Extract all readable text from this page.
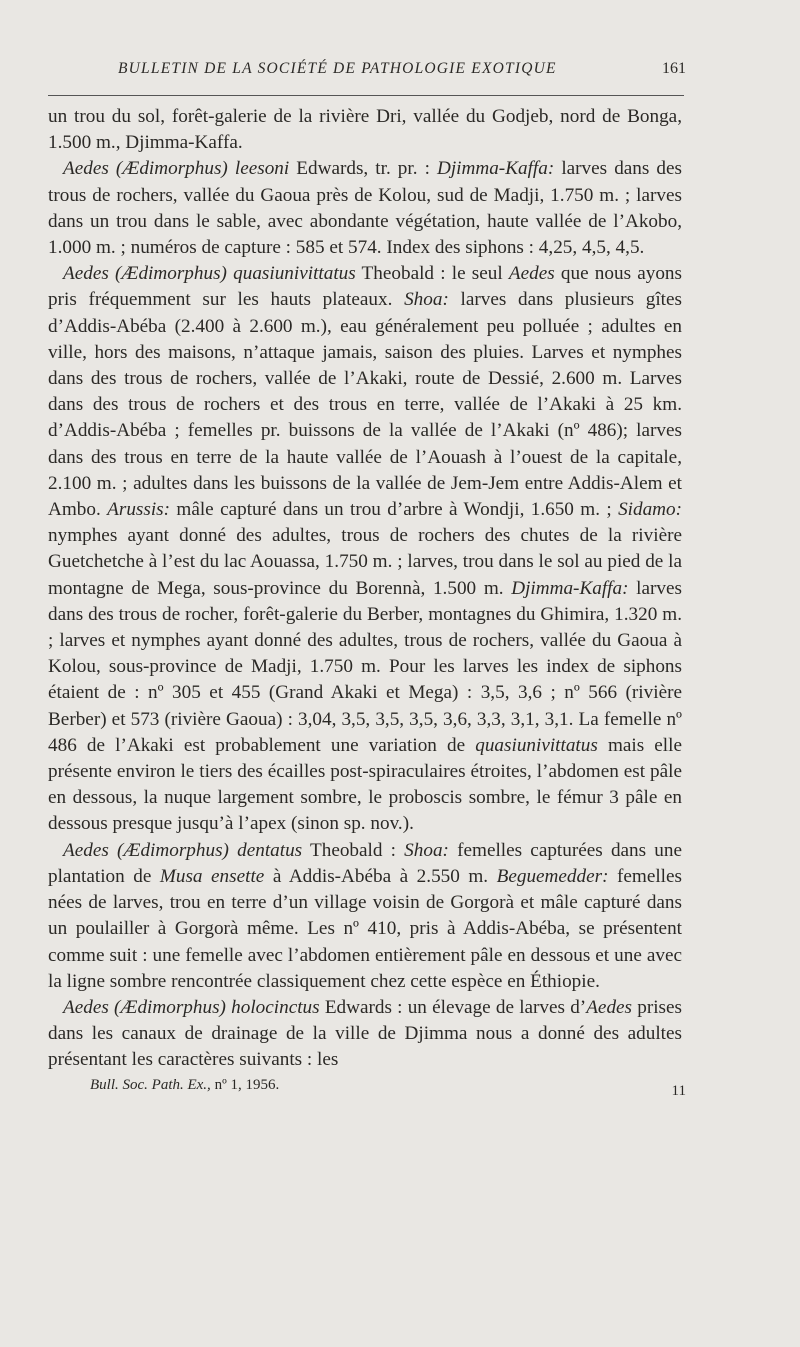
BULLETIN DE LA SOCIÉTÉ DE PATHOLOGIE EXOTIQUE	161

un trou du sol, forêt-galerie de la rivière Dri, vallée du Godjeb, nord de Bonga, 1.500 m., Djimma-Kaffa.

Aedes (Ædimorphus) leesoni Edwards, tr. pr. : Djimma-Kaffa: larves dans des trous de rochers, vallée du Gaoua près de Kolou, sud de Madji, 1.750 m. ; larves dans un trou dans le sable, avec abondante végétation, haute vallée de l’Akobo, 1.000 m. ; numéros de capture : 585 et 574. Index des siphons : 4,25, 4,5, 4,5.

Aedes (Ædimorphus) quasiunivittatus Theobald : le seul Aedes que nous ayons pris fréquemment sur les hauts plateaux. Shoa: larves dans plusieurs gîtes d’Addis-Abéba (2.400 à 2.600 m.), eau généralement peu polluée ; adultes en ville, hors des maisons, n’attaque jamais, saison des pluies. Larves et nymphes dans des trous de rochers, vallée de l’Akaki, route de Dessié, 2.600 m. Larves dans des trous de rochers et des trous en terre, vallée de l’Akaki à 25 km. d’Addis-Abéba ; femelles pr. buissons de la vallée de l’Akaki (nº 486); larves dans des trous en terre de la haute vallée de l’Aouash à l’ouest de la capitale, 2.100 m. ; adultes dans les buissons de la vallée de Jem-Jem entre Addis-Alem et Ambo. Arussis: mâle capturé dans un trou d’arbre à Wondji, 1.650 m. ; Sidamo: nymphes ayant donné des adultes, trous de rochers des chutes de la rivière Guetchetche à l’est du lac Aouassa, 1.750 m. ; larves, trou dans le sol au pied de la montagne de Mega, sous-province du Borennà, 1.500 m. Djimma-Kaffa: larves dans des trous de rocher, forêt-galerie du Berber, montagnes du Ghimira, 1.320 m. ; larves et nymphes ayant donné des adultes, trous de rochers, vallée du Gaoua à Kolou, sous-province de Madji, 1.750 m. Pour les larves les index de siphons étaient de : nº 305 et 455 (Grand Akaki et Mega) : 3,5, 3,6 ; nº 566 (rivière Berber) et 573 (rivière Gaoua) : 3,04, 3,5, 3,5, 3,5, 3,6, 3,3, 3,1, 3,1. La femelle nº 486 de l’Akaki est probablement une variation de quasiunivittatus mais elle présente environ le tiers des écailles post-spiraculaires étroites, l’abdomen est pâle en dessous, la nuque largement sombre, le proboscis sombre, le fémur 3 pâle en dessous presque jusqu’à l’apex (sinon sp. nov.).

Aedes (Ædimorphus) dentatus Theobald : Shoa: femelles capturées dans une plantation de Musa ensette à Addis-Abéba à 2.550 m. Beguemedder: femelles nées de larves, trou en terre d’un village voisin de Gorgorà et mâle capturé dans un poulailler à Gorgorà même. Les nº 410, pris à Addis-Abéba, se présentent comme suit : une femelle avec l’abdomen entièrement pâle en dessous et une avec la ligne sombre rencontrée classiquement chez cette espèce en Éthiopie.

Aedes (Ædimorphus) holocinctus Edwards : un élevage de larves d’Aedes prises dans les canaux de drainage de la ville de Djimma nous a donné des adultes présentant les caractères suivants : les

Bull. Soc. Path. Ex., nº 1, 1956.	11
